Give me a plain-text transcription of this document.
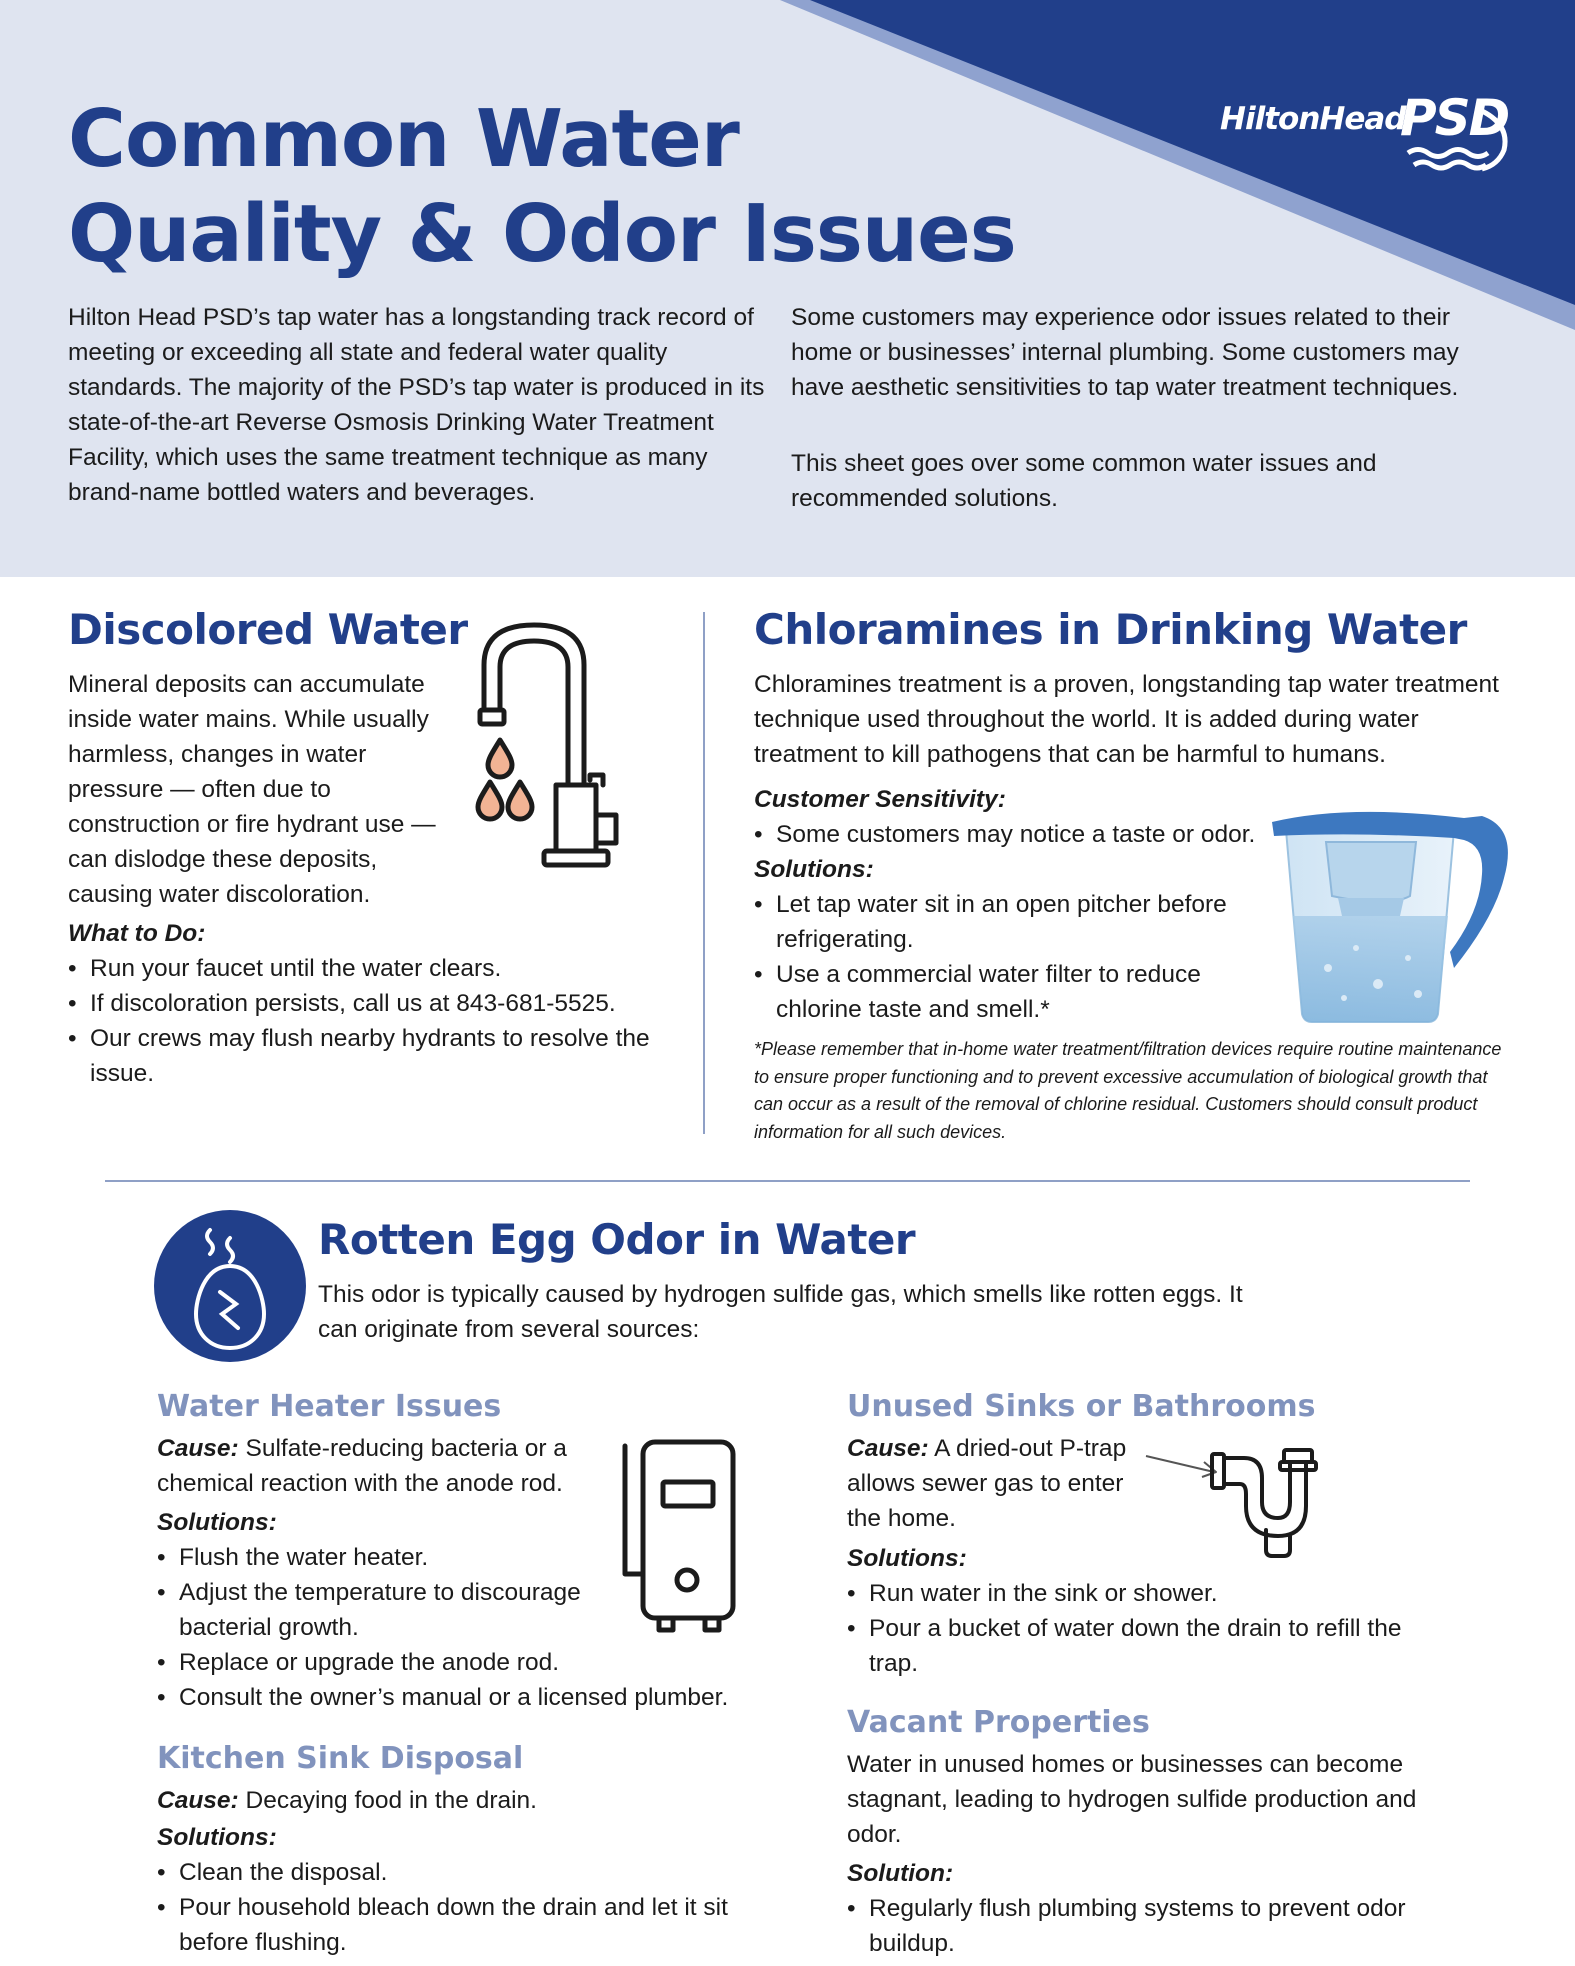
HiltonHead
PSD
Common Water Quality & Odor Issues

Hilton Head PSD’s tap water has a longstanding track record of meeting or exceeding all state and federal water quality standards. The majority of the PSD’s tap water is produced in its state-of-the-art Reverse Osmosis Drinking Water Treatment Facility, which uses the same treatment technique as many brand-name bottled waters and beverages.

Some customers may experience odor issues related to their home or businesses’ internal plumbing. Some customers may have aesthetic sensitivities to tap water treatment techniques.

This sheet goes over some common water issues and recommended solutions.

Discolored Water

Mineral deposits can accumulate inside water mains. While usually harmless, changes in water pressure — often due to construction or fire hydrant use — can dislodge these deposits, causing water discoloration.

What to Do:
• Run your faucet until the water clears.
• If discoloration persists, call us at 843-681-5525.
• Our crews may flush nearby hydrants to resolve the issue.
Chloramines in Drinking Water

Chloramines treatment is a proven, longstanding tap water treatment technique used throughout the world. It is added during water treatment to kill pathogens that can be harmful to humans.

Customer Sensitivity:
• Some customers may notice a taste or odor.
Solutions:
• Let tap water sit in an open pitcher before refrigerating.
• Use a commercial water filter to reduce chlorine taste and smell.*

*Please remember that in-home water treatment/filtration devices require routine maintenance to ensure proper functioning and to prevent excessive accumulation of biological growth that can occur as a result of the removal of chlorine residual. Customers should consult product information for all such devices.

Rotten Egg Odor in Water

This odor is typically caused by hydrogen sulfide gas, which smells like rotten eggs. It can originate from several sources:

Water Heater Issues

Cause: Sulfate-reducing bacteria or a chemical reaction with the anode rod.

Solutions:
• Flush the water heater.
• Adjust the temperature to discourage bacterial growth.
• Replace or upgrade the anode rod.
• Consult the owner’s manual or a licensed plumber.
Kitchen Sink Disposal

Cause: Decaying food in the drain.

Solutions:
• Clean the disposal.
• Pour household bleach down the drain and let it sit before flushing.
Unused Sinks or Bathrooms

Cause: A dried-out P-trap allows sewer gas to enter the home.

Solutions:
• Run water in the sink or shower.
• Pour a bucket of water down the drain to refill the trap.
Vacant Properties

Water in unused homes or businesses can become stagnant, leading to hydrogen sulfide production and odor.

Solution:
• Regularly flush plumbing systems to prevent odor buildup.
